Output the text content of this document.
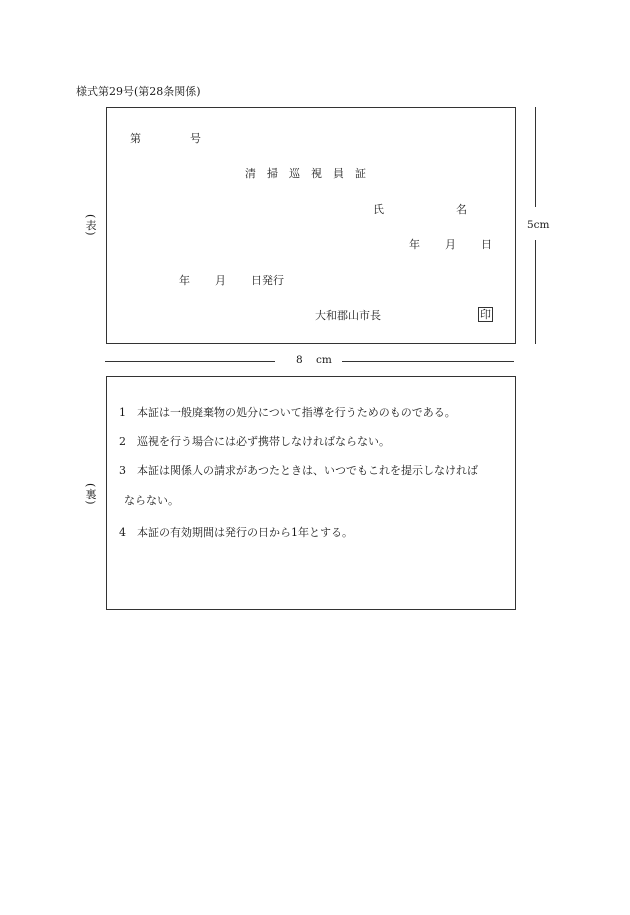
様式第29号(第28条関係)
(表)
第	号
清　掃　巡　視　員　証
氏	名
年 月 日
年 月 日発行
大和郡山市長	印
5cm
8 cm
(裏)
1 本証は一般廃棄物の処分について指導を行うためのものである。
2 巡視を行う場合には必ず携帯しなければならない。
3 本証は関係人の請求があつたときは、いつでもこれを提示しなければ
ならない。
4 本証の有効期間は発行の日から1年とする。
